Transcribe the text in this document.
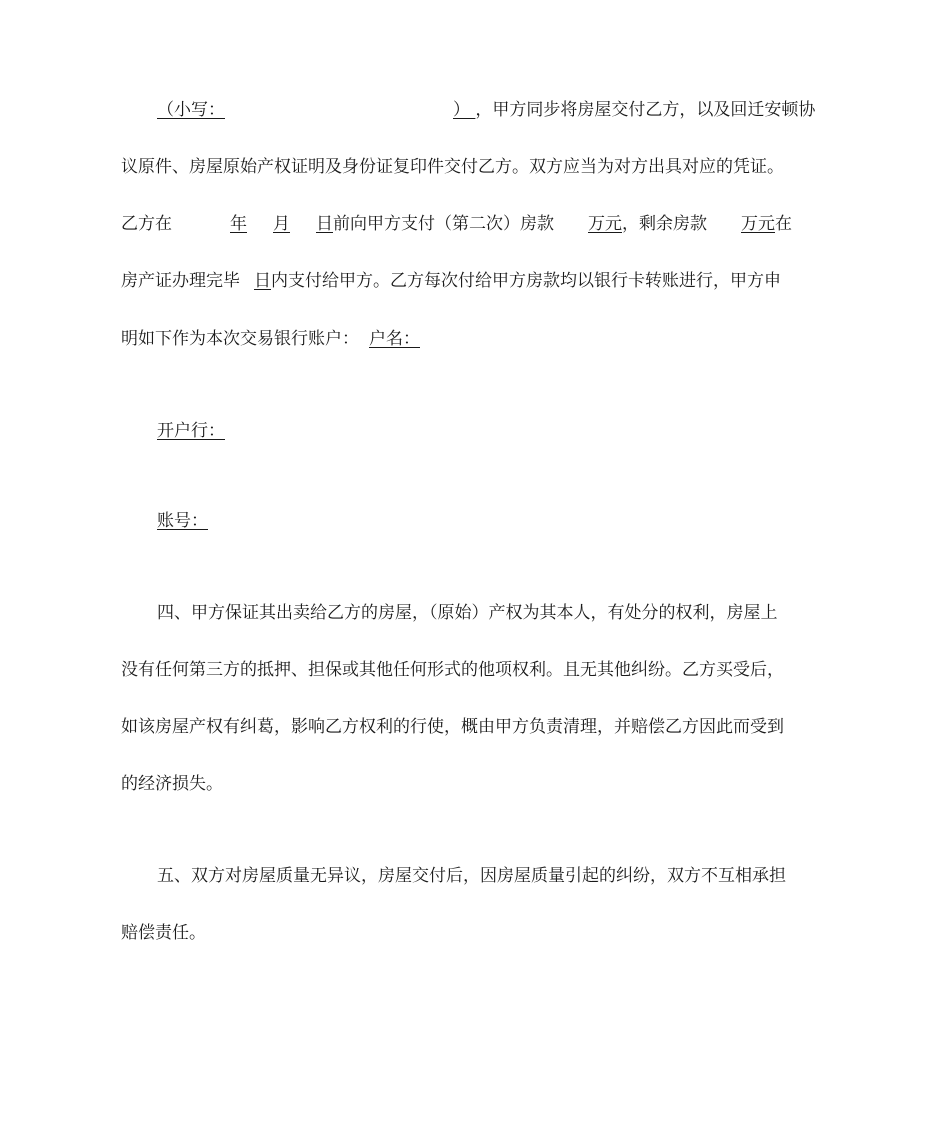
（小写：	） ，甲方同步将房屋交付乙方，以及回迁安顿协
议原件、房屋原始产权证明及身份证复印件交付乙方。双方应当为对方出具对应的凭证。
乙方在	年 月 日前向甲方支付（第二次）房款 万元，剩余房款 万元在
房产证办理完毕 日内支付给甲方。乙方每次付给甲方房款均以银行卡转账进行，甲方申
明如下作为本次交易银行账户： 户名：
开户行：
账号：
四、甲方保证其出卖给乙方的房屋，（原始）产权为其本人，有处分的权利，房屋上
没有任何第三方的抵押、担保或其他任何形式的他项权利。且无其他纠纷。乙方买受后，
如该房屋产权有纠葛，影响乙方权利的行使，概由甲方负责清理，并赔偿乙方因此而受到
的经济损失。
五、双方对房屋质量无异议，房屋交付后，因房屋质量引起的纠纷，双方不互相承担
赔偿责任。
